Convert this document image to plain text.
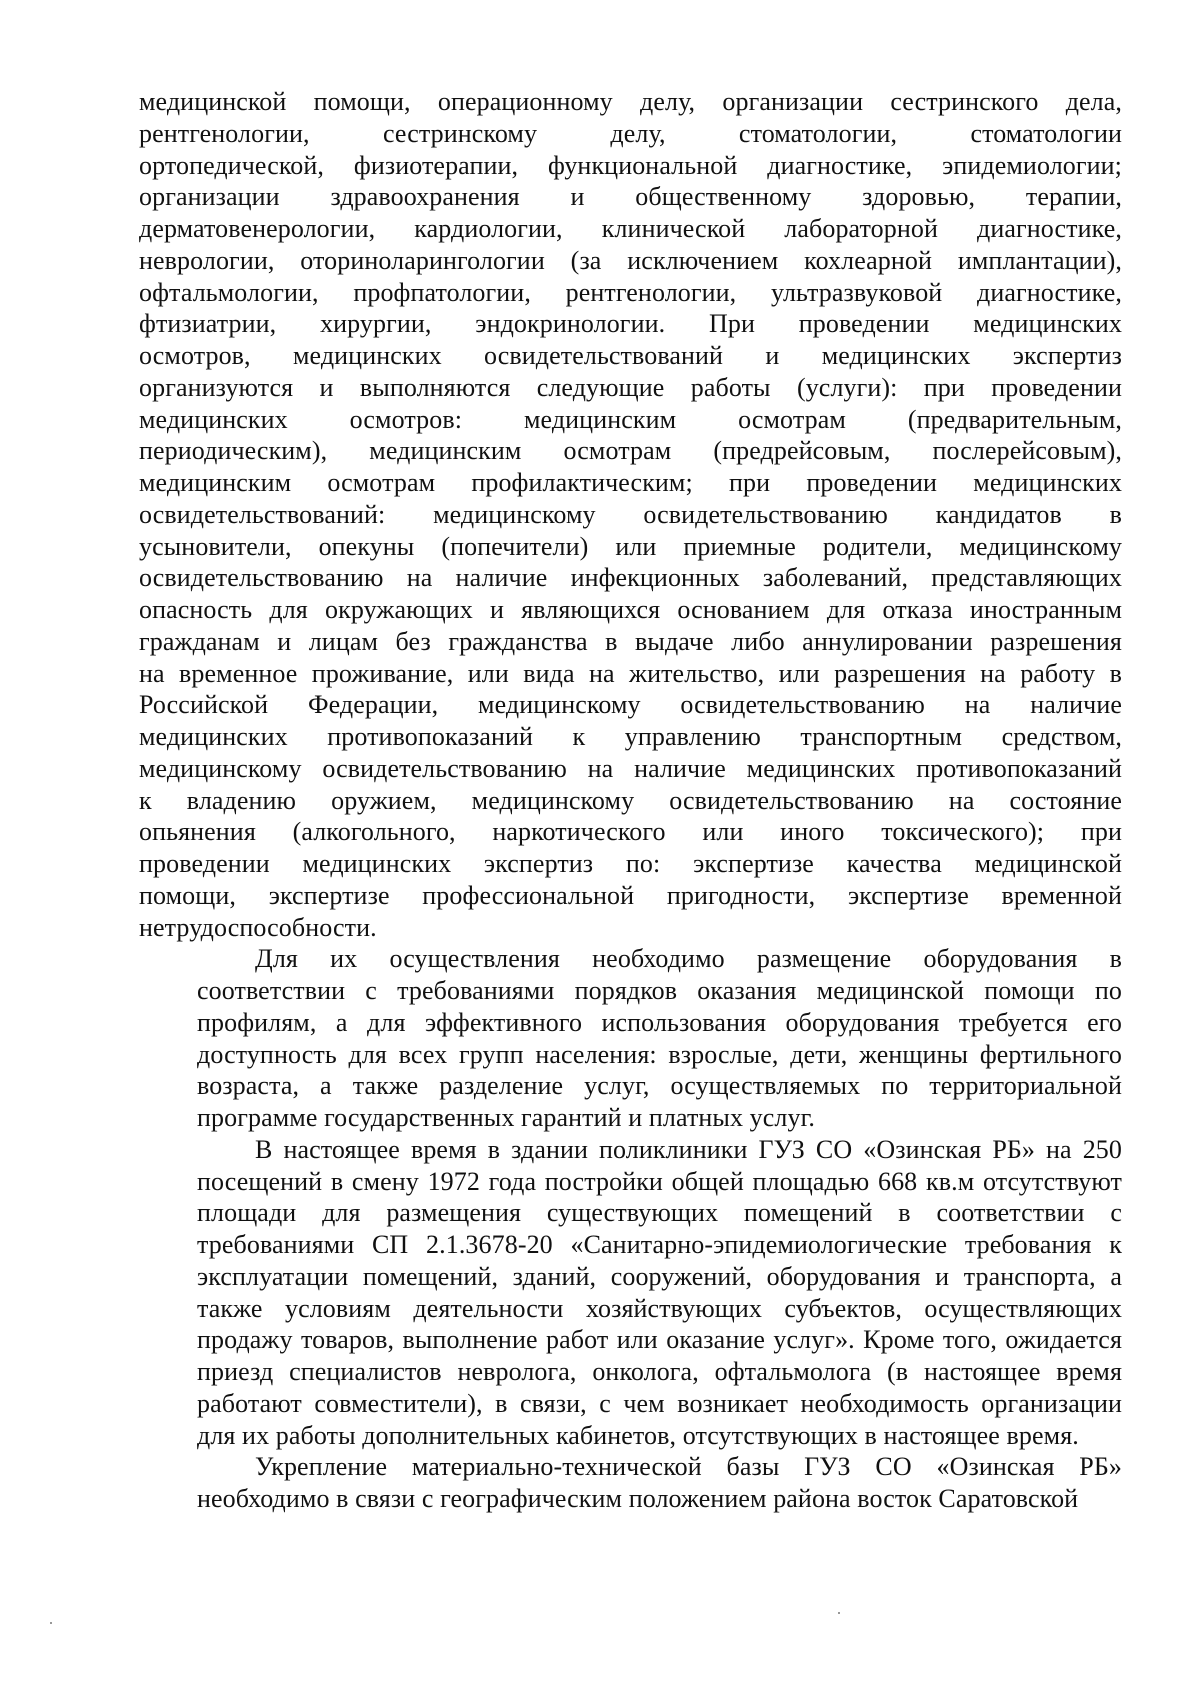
медицинской помощи, операционному делу, организации сестринского дела,
рентгенологии, сестринскому делу, стоматологии, стоматологии
ортопедической, физиотерапии, функциональной диагностике, эпидемиологии;
организации здравоохранения и общественному здоровью, терапии,
дерматовенерологии, кардиологии, клинической лабораторной диагностике,
неврологии, оториноларингологии (за исключением кохлеарной имплантации),
офтальмологии, профпатологии, рентгенологии, ультразвуковой диагностике,
фтизиатрии, хирургии, эндокринологии. При проведении медицинских
осмотров, медицинских освидетельствований и медицинских экспертиз
организуются и выполняются следующие работы (услуги): при проведении
медицинских осмотров: медицинским осмотрам (предварительным,
периодическим), медицинским осмотрам (предрейсовым, послерейсовым),
медицинским осмотрам профилактическим; при проведении медицинских
освидетельствований: медицинскому освидетельствованию кандидатов в
усыновители, опекуны (попечители) или приемные родители, медицинскому
освидетельствованию на наличие инфекционных заболеваний, представляющих
опасность для окружающих и являющихся основанием для отказа иностранным
гражданам и лицам без гражданства в выдаче либо аннулировании разрешения
на временное проживание, или вида на жительство, или разрешения на работу в
Российской Федерации, медицинскому освидетельствованию на наличие
медицинских противопоказаний к управлению транспортным средством,
медицинскому освидетельствованию на наличие медицинских противопоказаний
к владению оружием, медицинскому освидетельствованию на состояние
опьянения (алкогольного, наркотического или иного токсического); при
проведении медицинских экспертиз по: экспертизе качества медицинской
помощи, экспертизе профессиональной пригодности, экспертизе временной
нетрудоспособности.
Для их осуществления необходимо размещение оборудования в
соответствии с требованиями порядков оказания медицинской помощи по
профилям, а для эффективного использования оборудования требуется его
доступность для всех групп населения: взрослые, дети, женщины фертильного
возраста, а также разделение услуг, осуществляемых по территориальной
программе государственных гарантий и платных услуг.
В настоящее время в здании поликлиники ГУЗ СО «Озинская РБ» на 250
посещений в смену 1972 года постройки общей площадью 668 кв.м отсутствуют
площади для размещения существующих помещений в соответствии с
требованиями СП 2.1.3678-20 «Санитарно-эпидемиологические требования к
эксплуатации помещений, зданий, сооружений, оборудования и транспорта, а
также условиям деятельности хозяйствующих субъектов, осуществляющих
продажу товаров, выполнение работ или оказание услуг». Кроме того, ожидается
приезд специалистов невролога, онколога, офтальмолога (в настоящее время
работают совместители), в связи, с чем возникает необходимость организации
для их работы дополнительных кабинетов, отсутствующих в настоящее время.
Укрепление материально-технической базы ГУЗ СО «Озинская РБ»
необходимо в связи с географическим положением района восток Саратовской
